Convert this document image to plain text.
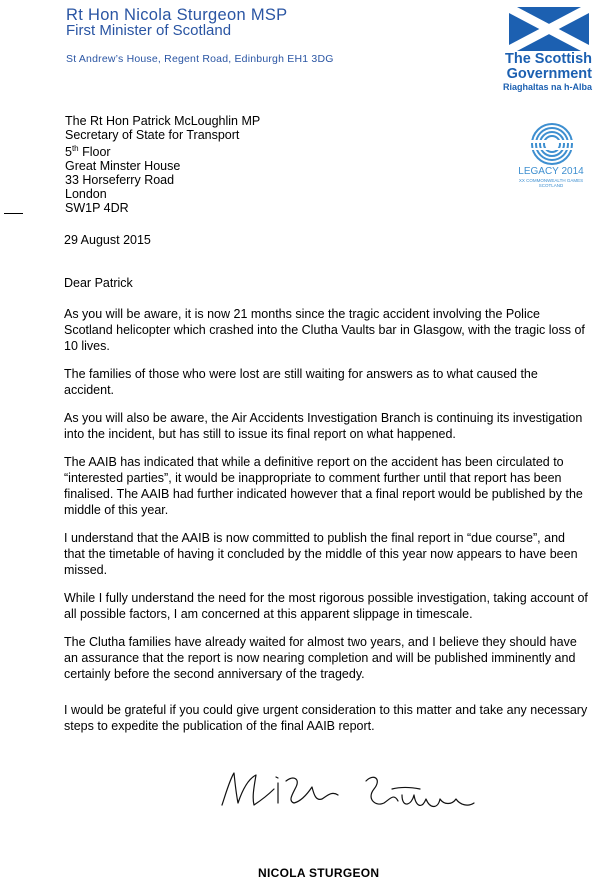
Rt Hon Nicola Sturgeon MSP
First Minister of Scotland
St Andrew’s House, Regent Road, Edinburgh EH1 3DG	The Scottish
Government
Riaghaltas na h-Alba
LEGACY 2014
XX COMMONWEALTH GAMES
SCOTLAND
The Rt Hon Patrick McLoughlin MP
Secretary of State for Transport
5th Floor
Great Minster House
33 Horseferry Road
London
SW1P 4DR
29 August 2015
Dear Patrick

As you will be aware, it is now 21 months since the tragic accident involving the Police Scotland helicopter which crashed into the Clutha Vaults bar in Glasgow, with the tragic loss of 10 lives.

The families of those who were lost are still waiting for answers as to what caused the accident.

As you will also be aware, the Air Accidents Investigation Branch is continuing its investigation into the incident, but has still to issue its final report on what happened.

The AAIB has indicated that while a definitive report on the accident has been circulated to “interested parties”, it would be inappropriate to comment further until that report has been finalised. The AAIB had further indicated however that a final report would be published by the middle of this year.

I understand that the AAIB is now committed to publish the final report in “due course”, and that the timetable of having it concluded by the middle of this year now appears to have been missed.

While I fully understand the need for the most rigorous possible investigation, taking account of all possible factors, I am concerned at this apparent slippage in timescale.

The Clutha families have already waited for almost two years, and I believe they should have an assurance that the report is now nearing completion and will be published imminently and certainly before the second anniversary of the tragedy.

I would be grateful if you could give urgent consideration to this matter and take any necessary steps to expedite the publication of the final AAIB report.

NICOLA STURGEON
